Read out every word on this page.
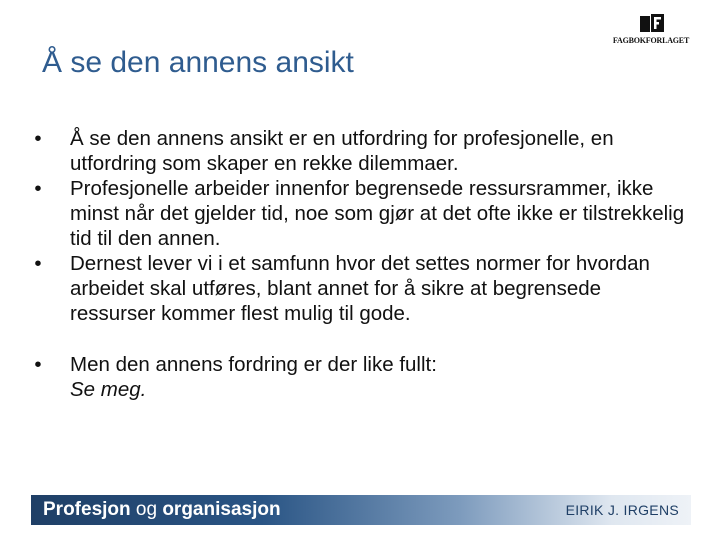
FAGBOKFORLAGET
Å se den annens ansikt
•	Å se den annens ansikt er en utfordring for profesjonelle, en utfordring som skaper en rekke dilemmaer.
•	Profesjonelle arbeider innenfor begrensede ressursrammer, ikke minst når det gjelder tid, noe som gjør at det ofte ikke er tilstrekkelig tid til den annen.
•	Dernest lever vi i et samfunn hvor det settes normer for hvordan arbeidet skal utføres, blant annet for å sikre at begrensede ressurser kommer flest mulig til gode.
•	Men den annens fordring er der like fullt:
Se meg.
Profesjon og organisasjon	EIRIK J. IRGENS
